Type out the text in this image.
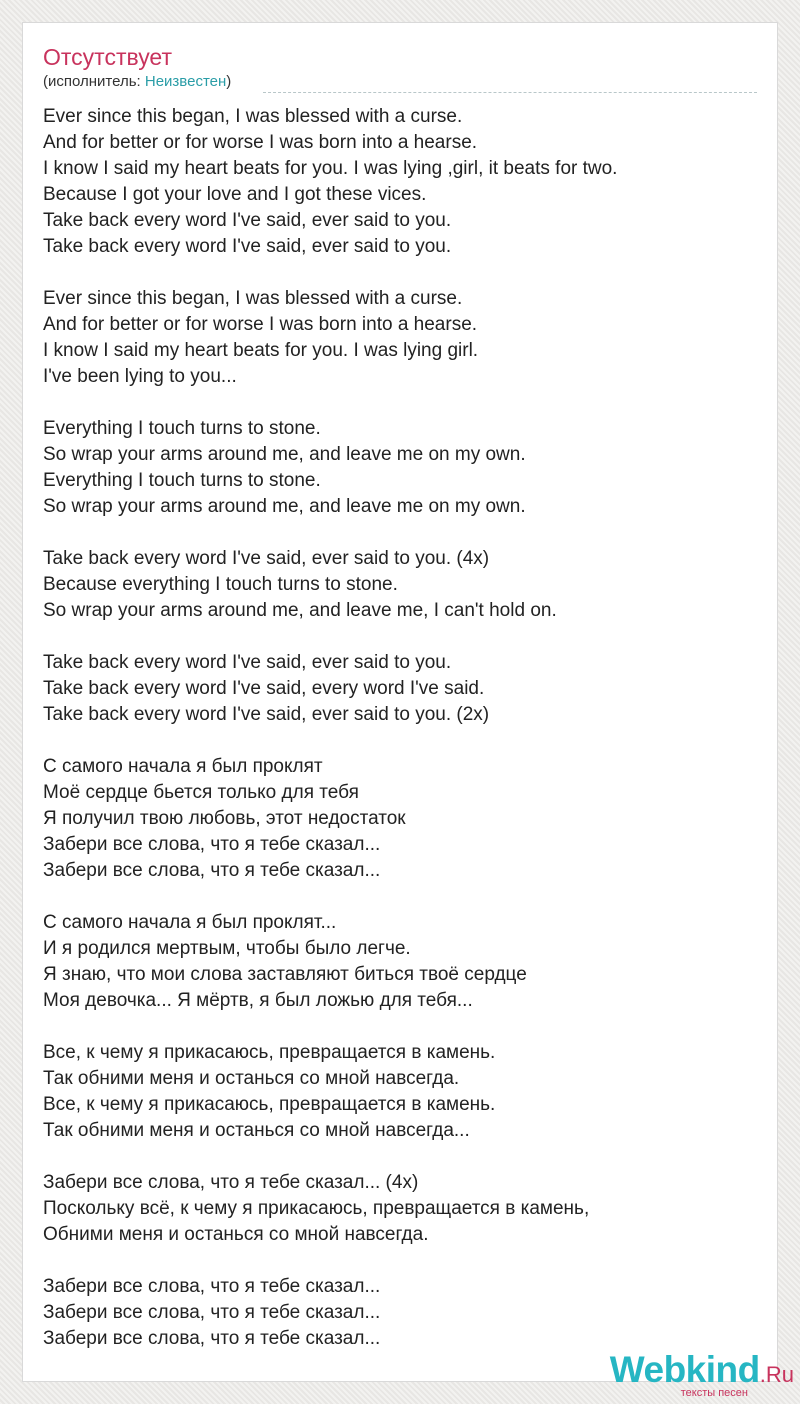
Отсутствует
(исполнитель: Неизвестен)
Ever since this began, I was blessed with a curse.
And for better or for worse I was born into a hearse.
I know I said my heart beats for you. I was lying ,girl, it beats for two.
Because I got your love and I got these vices.
Take back every word I've said, ever said to you.
Take back every word I've said, ever said to you.
Ever since this began, I was blessed with a curse.
And for better or for worse I was born into a hearse.
I know I said my heart beats for you. I was lying girl.
I've been lying to you...
Everything I touch turns to stone.
So wrap your arms around me, and leave me on my own.
Everything I touch turns to stone.
So wrap your arms around me, and leave me on my own.
Take back every word I've said, ever said to you. (4x)
Because everything I touch turns to stone.
So wrap your arms around me, and leave me, I can't hold on.
Take back every word I've said, ever said to you.
Take back every word I've said, every word I've said.
Take back every word I've said, ever said to you. (2x)
С самого начала я был проклят
Моё сердце бьется только для тебя
Я получил твою любовь, этот недостаток
Забери все слова, что я тебе сказал...
Забери все слова, что я тебе сказал...
С самого начала я был проклят...
И я родился мертвым, чтобы было легче.
Я знаю, что мои слова заставляют биться твоё сердце
Моя девочка... Я мёртв, я был ложью для тебя...
Все, к чему я прикасаюсь, превращается в камень.
Так обними меня и останься со мной навсегда.
Все, к чему я прикасаюсь, превращается в камень.
Так обними меня и останься со мной навсегда...
Забери все слова, что я тебе сказал... (4x)
Поскольку всё, к чему я прикасаюсь, превращается в камень,
Обними меня и останься со мной навсегда.
Забери все слова, что я тебе сказал...
Забери все слова, что я тебе сказал...
Забери все слова, что я тебе сказал...
Webkind.Ru
тексты песен
